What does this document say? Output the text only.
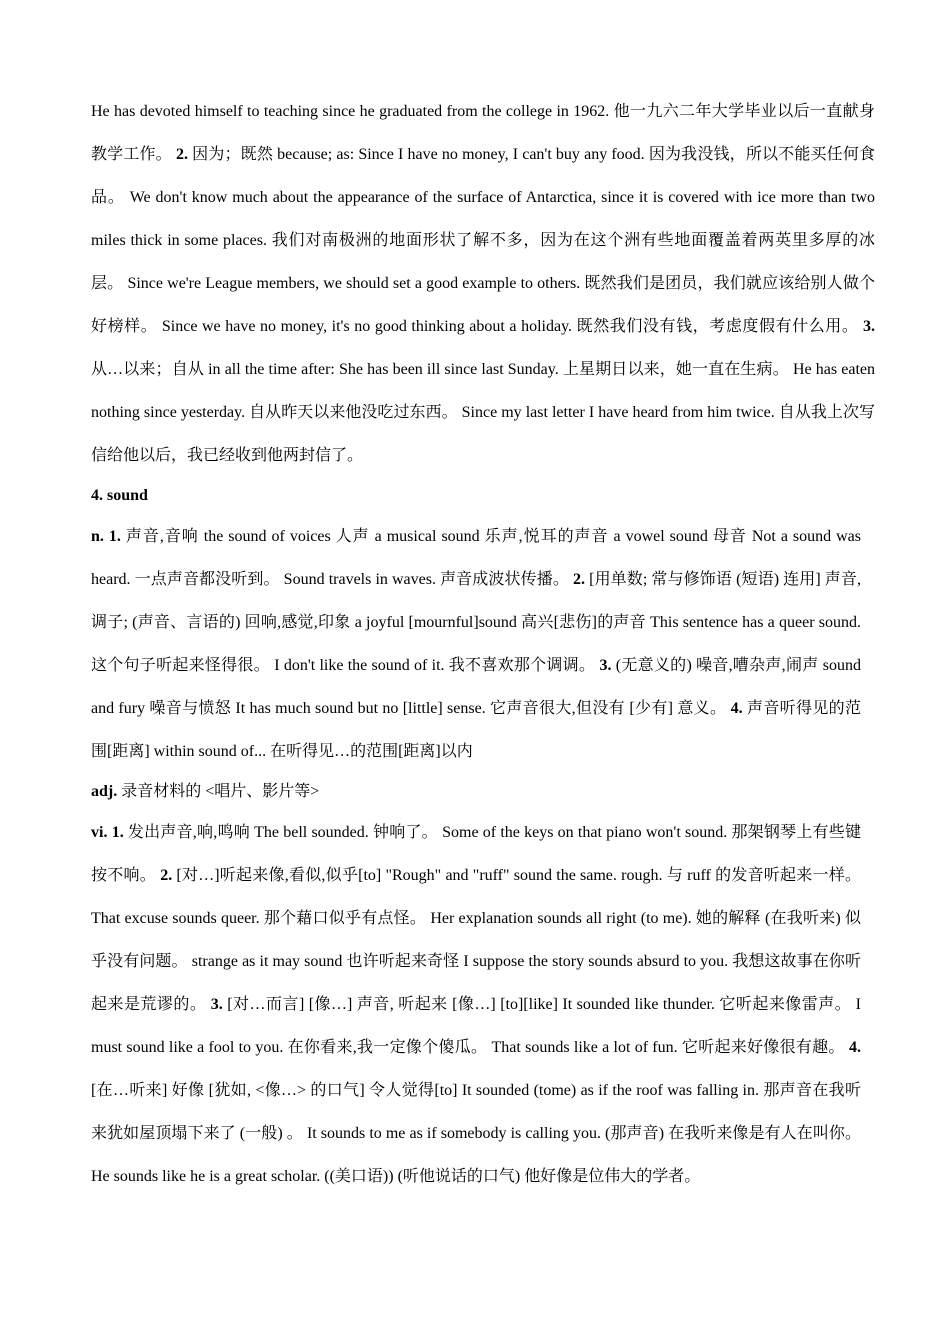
He has devoted himself to teaching since he graduated from the college in 1962. 他一九六二年大学毕业以后一直献身教学工作。 2. 因为；既然 because; as: Since I have no money, I can't buy any food. 因为我没钱，所以不能买任何食品。 We don't know much about the appearance of the surface of Antarctica, since it is covered with ice more than two miles thick in some places. 我们对南极洲的地面形状了解不多，因为在这个洲有些地面覆盖着两英里多厚的冰层。 Since we're League members, we should set a good example to others. 既然我们是团员，我们就应该给别人做个好榜样。 Since we have no money, it's no good thinking about a holiday. 既然我们没有钱，考虑度假有什么用。 3. 从…以来；自从 in all the time after: She has been ill since last Sunday. 上星期日以来，她一直在生病。 He has eaten nothing since yesterday. 自从昨天以来他没吃过东西。 Since my last letter I have heard from him twice. 自从我上次写信给他以后，我已经收到他两封信了。

4. sound

n. 1. 声音,音响 the sound of voices 人声 a musical sound 乐声,悦耳的声音 a vowel sound 母音 Not a sound was heard. 一点声音都没听到。 Sound travels in waves. 声音成波状传播。 2. [用单数; 常与修饰语 (短语) 连用] 声音,调子; (声音、言语的) 回响,感觉,印象 a joyful [mournful]sound 高兴[悲伤]的声音 This sentence has a queer sound. 这个句子听起来怪得很。 I don't like the sound of it. 我不喜欢那个调调。 3. (无意义的) 噪音,嘈杂声,闹声 sound and fury 噪音与愤怒 It has much sound but no [little] sense. 它声音很大,但没有 [少有] 意义。 4. 声音听得见的范围[距离] within sound of... 在听得见…的范围[距离]以内

adj. 录音材料的 <唱片、影片等>

vi. 1. 发出声音,响,鸣响 The bell sounded. 钟响了。 Some of the keys on that piano won't sound. 那架钢琴上有些键按不响。 2. [对…]听起来像,看似,似乎[to] "Rough" and "ruff" sound the same. rough. 与 ruff 的发音听起来一样。 That excuse sounds queer. 那个藉口似乎有点怪。 Her explanation sounds all right (to me). 她的解释 (在我听来) 似乎没有问题。 strange as it may sound 也许听起来奇怪 I suppose the story sounds absurd to you. 我想这故事在你听起来是荒谬的。 3. [对…而言] [像…] 声音, 听起来 [像…] [to][like] It sounded like thunder. 它听起来像雷声。 I must sound like a fool to you. 在你看来,我一定像个傻瓜。 That sounds like a lot of fun. 它听起来好像很有趣。 4. [在…听来] 好像 [犹如, <像…> 的口气] 令人觉得[to] It sounded (tome) as if the roof was falling in. 那声音在我听来犹如屋顶塌下来了 (一般) 。 It sounds to me as if somebody is calling you. (那声音) 在我听来像是有人在叫你。 He sounds like he is a great scholar. ((美口语)) (听他说话的口气) 他好像是位伟大的学者。
